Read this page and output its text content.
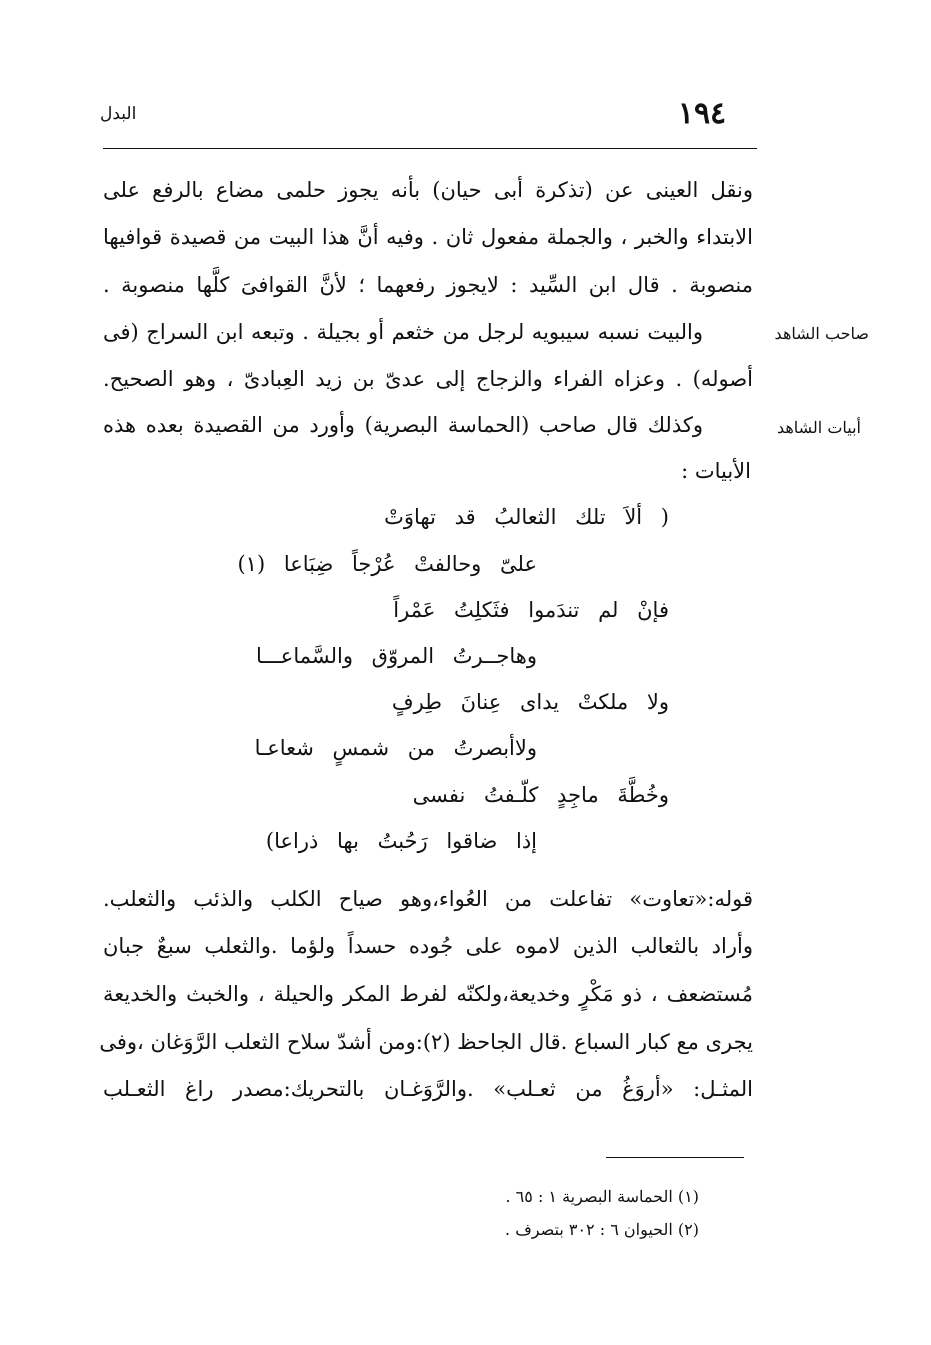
١٩٤
البدل
ونقل العينى عن (تذكرة أبى حيان) بأنه يجوز حلمى مضاع بالرفع على
الابتداء والخبر ، والجملة مفعول ثان . وفيه أنَّ هذا البيت من قصيدة قوافيها
منصوبة . قال ابن السِّيد : لايجوز رفعهما ؛ لأنَّ القوافىَ كلَّها منصوبة .
صاحب الشاهد
والبيت نسبه سيبويه لرجل من خثعم أو بجيلة . وتبعه ابن السراج (فى
أصوله) . وعزاه الفراء والزجاج إلى عدىّ بن زيد العِبادىّ ، وهو الصحيح.
أبيات الشاهد
وكذلك قال صاحب (الحماسة البصرية) وأورد من القصيدة بعده هذه
الأبيات :
( ألاَ تلك الثعالبُ قد تهاوَتْ
علىّ وحالفتْ عُرْجاً ضِبَاعا (١)
فإنْ لم تندَموا فثَكلِتُ عَمْراً
وهاجــرتُ المروّق والسَّماعـــا
ولا ملكتْ يداى عِنانَ طِرفٍ
ولاأبصرتُ من شمسٍ شعاعـا
وخُطَّةَ ماجِدٍ كلّـفتُ نفسى
إذا ضاقوا رَحُبتُ بها ذراعا)
قوله:«تعاوت» تفاعلت من العُواء،وهو صياح الكلب والذئب والثعلب.
وأراد بالثعالب الذين لاموه على جُوده حسداً ولؤما .والثعلب سبعٌ جبان
مُستضعف ، ذو مَكْرٍ وخديعة،ولكنّه لفرط المكر والحيلة ، والخبث والخديعة
يجرى مع كبار السباع .قال الجاحظ (٢):ومن أشدّ سلاح الثعلب الرَّوَغان ،وفى
المثـل: «أروَغُ من ثعـلب» .والرَّوَغـان بالتحريك:مصدر راغ الثعـلب
(١) الحماسة البصرية ١ : ٦٥ .
(٢) الحيوان ٦ : ٣٠٢ بتصرف .
